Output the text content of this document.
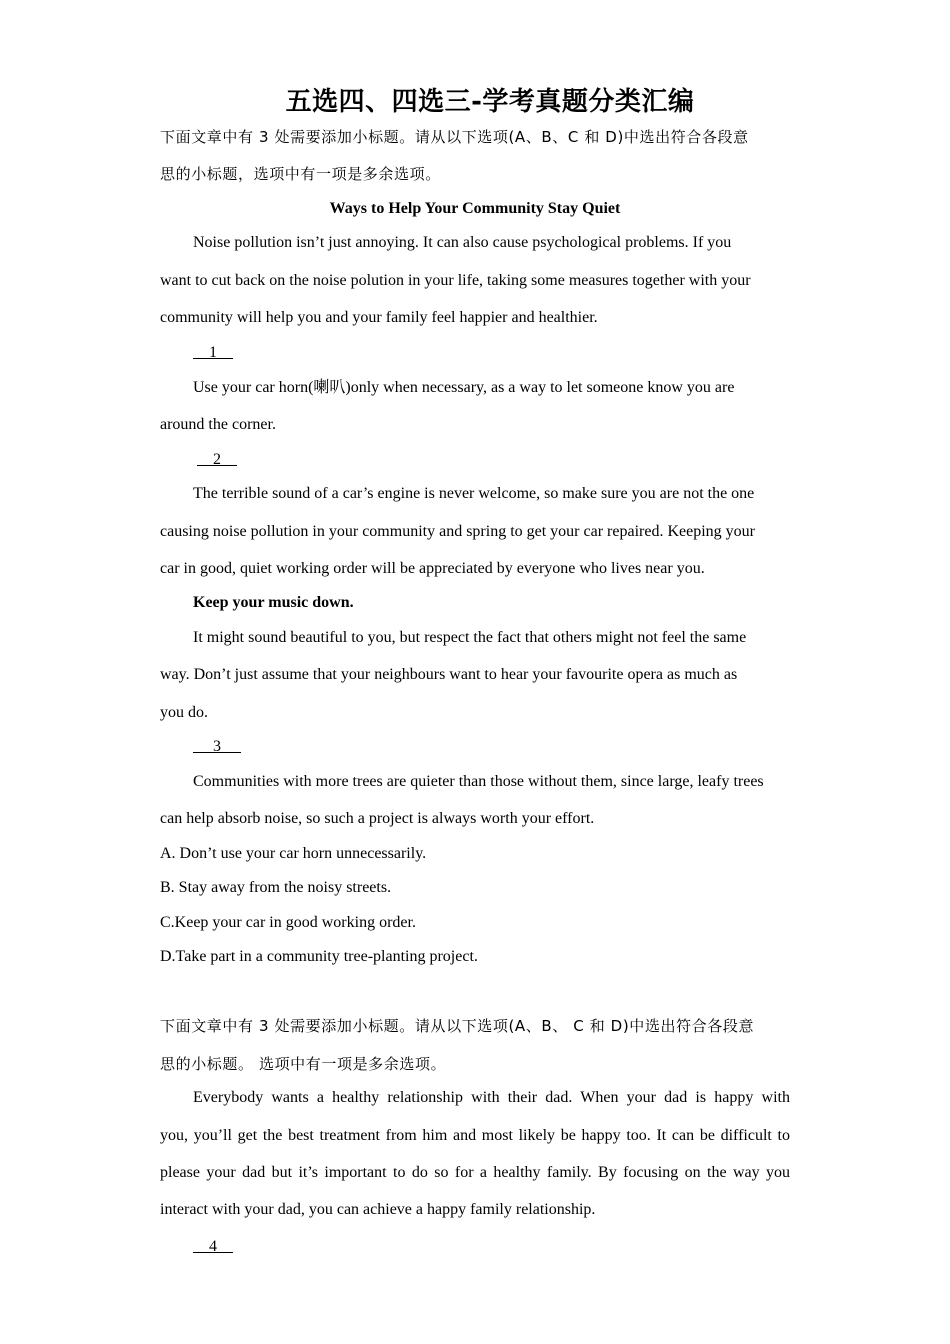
五选四、四选三-学考真题分类汇编
下面文章中有 3 处需要添加小标题。请从以下选项(A、B、C 和 D)中选出符合各段意
思的小标题，选项中有一项是多余选项。
Ways to Help Your Community Stay Quiet
Noise pollution isn’t just annoying. It can also cause psychological problems. If you
want to cut back on the noise polution in your life, taking some measures together with your
community will help you and your family feel happier and healthier.
1
Use your car horn(喇叭)only when necessary, as a way to let someone know you are
around the corner.
2
The terrible sound of a car’s engine is never welcome, so make sure you are not the one
causing noise pollution in your community and spring to get your car repaired. Keeping your
car in good, quiet working order will be appreciated by everyone who lives near you.
Keep your music down.
It might sound beautiful to you, but respect the fact that others might not feel the same
way. Don’t just assume that your neighbours want to hear your favourite opera as much as
you do.
3
Communities with more trees are quieter than those without them, since large, leafy trees
can help absorb noise, so such a project is always worth your effort.
A. Don’t use your car horn unnecessarily.
B. Stay away from the noisy streets.
C.Keep your car in good working order.
D.Take part in a community tree-planting project.
下面文章中有 3 处需要添加小标题。请从以下选项(A、B、 C 和 D)中选出符合各段意
思的小标题。 选项中有一项是多余选项。
Everybody wants a healthy relationship with their dad. When your dad is happy with
you, you’ll get the best treatment from him and most likely be happy too. It can be difficult to
please your dad but it’s important to do so for a healthy family. By focusing on the way you
interact with your dad, you can achieve a happy family relationship.
4
